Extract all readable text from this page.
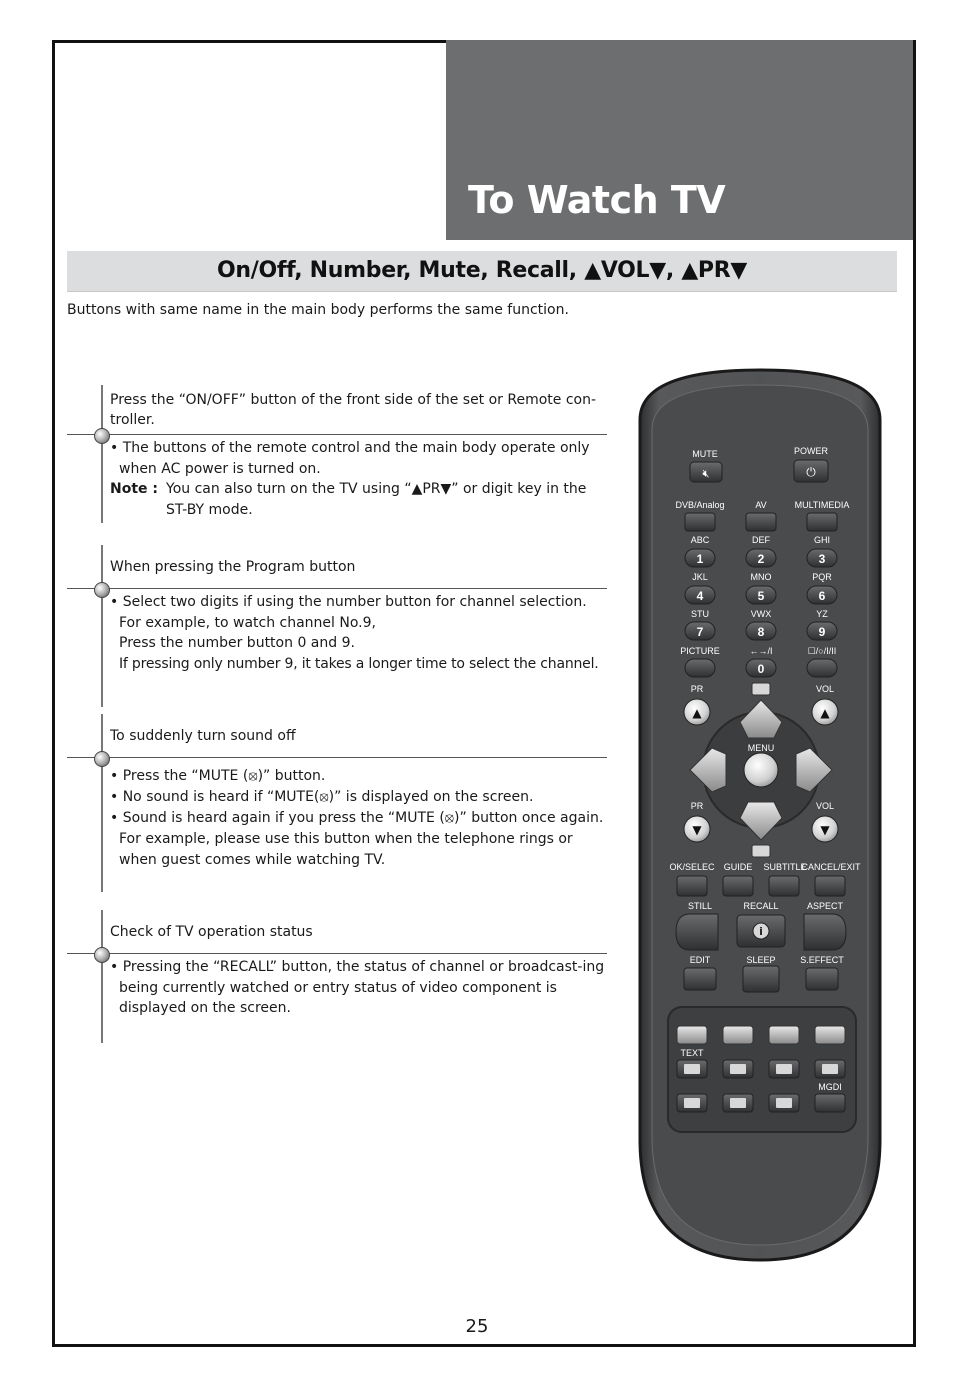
To Watch TV
On/Off, Number, Mute, Recall, ▲VOL▼, ▲PR▼
Buttons with same name in the main body performs the same function.
Press the “ON/OFF” button of the front side of the set or Remote con-troller.
• The buttons of the remote control and the main body operate only when AC power is turned on.
Note : You can also turn on the TV using “▲PR▼” or digit key in the ST-BY mode.
When pressing the Program button
• Select two digits if using the number button for channel selection.
For example, to watch channel No.9,
Press the number button 0 and 9.
If pressing only number 9, it takes a longer time to select the channel.
To suddenly turn sound off
• Press the “MUTE (⦻)” button.
• No sound is heard if “MUTE(⦻)” is displayed on the screen.
• Sound is heard again if you press the “MUTE (⦻)” button once again.
For example, please use this button when the telephone rings or when guest comes while watching TV.
Check of TV operation status
• Pressing the “RECALL” button, the status of channel or broadcast-ing being currently watched or entry status of video component is displayed on the screen.
MUTE
🔇︎
POWER
⏻
DVB/Analog	AV	MULTIMEDIA
ABC	DEF	GHI
1	2	3
JKL	MNO	PQR
4	5	6
STU	VWX	YZ
7	8	9
PICTURE	←→/I	☐/○/I/II
0
PR	VOL
▲	▲
MENU
PR	VOL
▼	▼
OK/SELEC GUIDE SUBTITLE
CANCEL/EXIT
STILL	RECALL	ASPECT
i
EDIT	SLEEP	S.EFFECT
TEXT
MGDI
25
